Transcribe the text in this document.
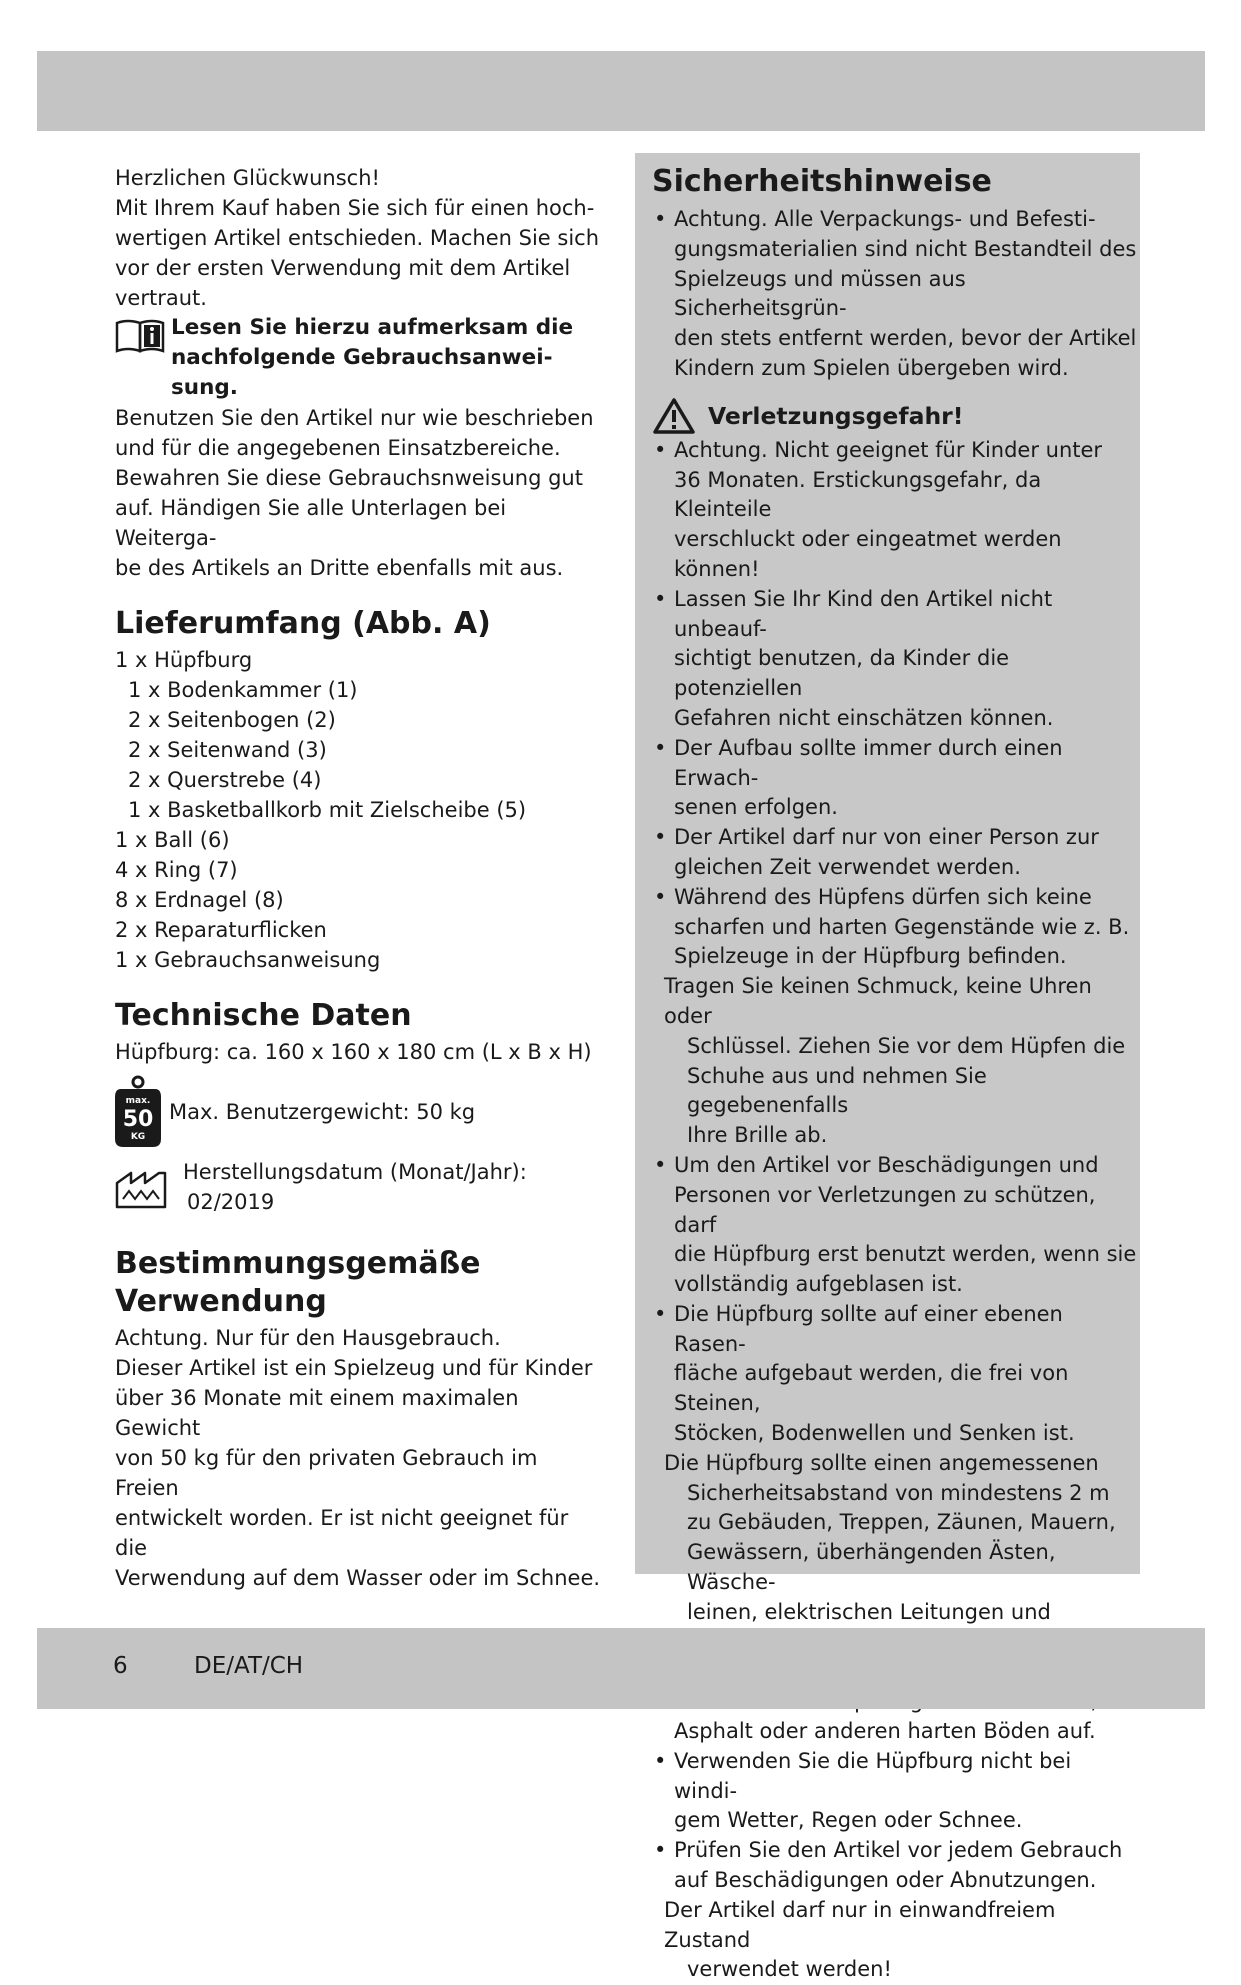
Herzlichen Glückwunsch!

Mit Ihrem Kauf haben Sie sich für einen hoch-

wertigen Artikel entschieden. Machen Sie sich

vor der ersten Verwendung mit dem Artikel

vertraut.

Lesen Sie hierzu aufmerksam die
nachfolgende Gebrauchsanwei-
sung.

Benutzen Sie den Artikel nur wie beschrieben

und für die angegebenen Einsatzbereiche.

Bewahren Sie diese Gebrauchsnweisung gut

auf. Händigen Sie alle Unterlagen bei Weiterga-

be des Artikels an Dritte ebenfalls mit aus.

Lieferumfang (Abb. A)
1 x Hüpfburg
1 x Bodenkammer (1)
2 x Seitenbogen (2)
2 x Seitenwand (3)
2 x Querstrebe (4)
1 x Basketballkorb mit Zielscheibe (5)
1 x Ball (6)
4 x Ring (7)
8 x Erdnagel (8)
2 x Reparaturflicken
1 x Gebrauchsanweisung
Technische Daten

Hüpfburg: ca. 160 x 160 x 180 cm (L x B x H)

max.
50
KG
Max. Benutzergewicht: 50 kg
Herstellungsdatum (Monat/Jahr):
02/2019
Bestimmungsgemäße
Verwendung

Achtung. Nur für den Hausgebrauch.

Dieser Artikel ist ein Spielzeug und für Kinder

über 36 Monate mit einem maximalen Gewicht

von 50 kg für den privaten Gebrauch im Freien

entwickelt worden. Er ist nicht geeignet für die

Verwendung auf dem Wasser oder im Schnee.

Sicherheitshinweise
• Achtung. Alle Verpackungs- und Befesti-
gungsmaterialien sind nicht Bestandteil des
Spielzeugs und müssen aus Sicherheitsgrün-
den stets entfernt werden, bevor der Artikel
Kindern zum Spielen übergeben wird.
Verletzungsgefahr!
• Achtung. Nicht geeignet für Kinder unter
36 Monaten. Erstickungsgefahr, da Kleinteile
verschluckt oder eingeatmet werden können!
• Lassen Sie Ihr Kind den Artikel nicht unbeauf-
sichtigt benutzen, da Kinder die potenziellen
Gefahren nicht einschätzen können.
• Der Aufbau sollte immer durch einen Erwach-
senen erfolgen.
• Der Artikel darf nur von einer Person zur
gleichen Zeit verwendet werden.
• Während des Hüpfens dürfen sich keine
scharfen und harten Gegenstände wie z. B.
Spielzeuge in der Hüpfburg befinden.
Tragen Sie keinen Schmuck, keine Uhren oder
Schlüssel. Ziehen Sie vor dem Hüpfen die
Schuhe aus und nehmen Sie gegebenenfalls
Ihre Brille ab.
• Um den Artikel vor Beschädigungen und
Personen vor Verletzungen zu schützen, darf
die Hüpfburg erst benutzt werden, wenn sie
vollständig aufgeblasen ist.
• Die Hüpfburg sollte auf einer ebenen Rasen-
fläche aufgebaut werden, die frei von Steinen,
Stöcken, Bodenwellen und Senken ist.
Die Hüpfburg sollte einen angemessenen
Sicherheitsabstand von mindestens 2 m
zu Gebäuden, Treppen, Zäunen, Mauern,
Gewässern, überhängenden Ästen, Wäsche-
leinen, elektrischen Leitungen und
• Asphalt oder anderen harten Böden auf.
• Verwenden Sie die Hüpfburg nicht bei windi-
gem Wetter, Regen oder Schnee.
• Prüfen Sie den Artikel vor jedem Gebrauch
auf Beschädigungen oder Abnutzungen.
Der Artikel darf nur in einwandfreiem Zustand
verwendet werden!
6	DE/AT/CH
